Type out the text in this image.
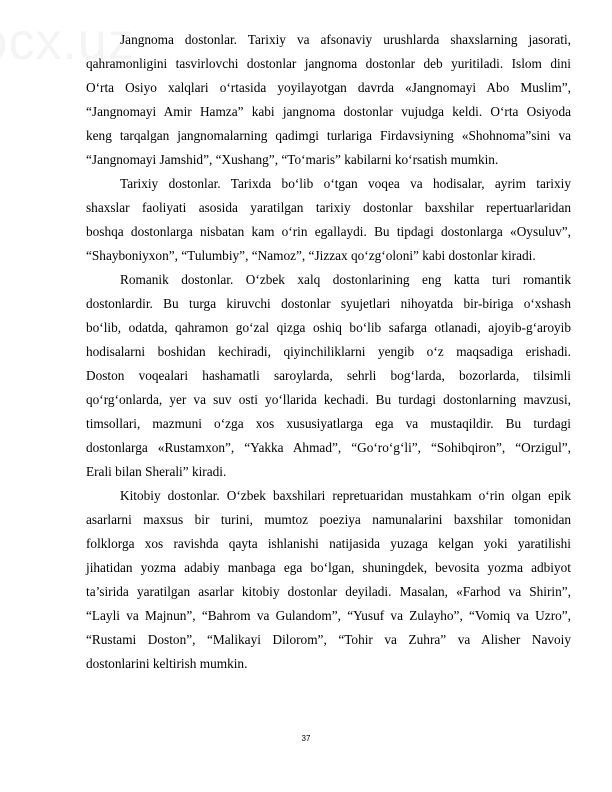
Jangnoma dostonlar. Tarixiy va afsonaviy urushlarda shaxslarning jasorati,
qahramonligini tasvirlovchi dostonlar jangnoma dostonlar deb yuritiladi. Islom dini
O‘rta Osiyo xalqlari o‘rtasida yoyilayotgan davrda «Jangnomayi Abo Muslim”,
“Jangnomayi Amir Hamza” kabi jangnoma dostonlar vujudga keldi. O‘rta Osiyoda
keng tarqalgan jangnomalarning qadimgi turlariga Firdavsiyning «Shohnoma”sini va
“Jangnomayi Jamshid”, “Xushang”, “To‘maris” kabilarni ko‘rsatish mumkin.
Tarixiy dostonlar. Tarixda bo‘lib o‘tgan voqea va hodisalar, ayrim tarixiy
shaxslar faoliyati asosida yaratilgan tarixiy dostonlar baxshilar repertuarlaridan
boshqa dostonlarga nisbatan kam o‘rin egallaydi. Bu tipdagi dostonlarga «Oysuluv”,
“Shayboniyxon”, “Tulumbiy”, “Namoz”, “Jizzax qo‘zg‘oloni” kabi dostonlar kiradi.
Romanik dostonlar. O‘zbek xalq dostonlarining eng katta turi romantik
dostonlardir. Bu turga kiruvchi dostonlar syujetlari nihoyatda bir-biriga o‘xshash
bo‘lib, odatda, qahramon go‘zal qizga oshiq bo‘lib safarga otlanadi, ajoyib-g‘aroyib
hodisalarni boshidan kechiradi, qiyinchiliklarni yengib o‘z maqsadiga erishadi.
Doston voqealari hashamatli saroylarda, sehrli bog‘larda, bozorlarda, tilsimli
qo‘rg‘onlarda, yer va suv osti yo‘llarida kechadi. Bu turdagi dostonlarning mavzusi,
timsollari, mazmuni o‘zga xos xususiyatlarga ega va mustaqildir. Bu turdagi
dostonlarga «Rustamxon”, “Yakka Ahmad”, “Go‘ro‘g‘li”, “Sohibqiron”, “Orzigul”,
Erali bilan Sherali” kiradi.
Kitobiy dostonlar. O‘zbek baxshilari repretuaridan mustahkam o‘rin olgan epik
asarlarni maxsus bir turini, mumtoz poeziya namunalarini baxshilar tomonidan
folklorga xos ravishda qayta ishlanishi natijasida yuzaga kelgan yoki yaratilishi
jihatidan yozma adabiy manbaga ega bo‘lgan, shuningdek, bevosita yozma adbiyot
ta’sirida yaratilgan asarlar kitobiy dostonlar deyiladi. Masalan, «Farhod va Shirin”,
“Layli va Majnun”, “Bahrom va Gulandom”, “Yusuf va Zulayho”, “Vomiq va Uzro”,
“Rustami Doston”, “Malikayi Dilorom”, “Tohir va Zuhra” va Alisher Navoiy
dostonlarini keltirish mumkin.
37
